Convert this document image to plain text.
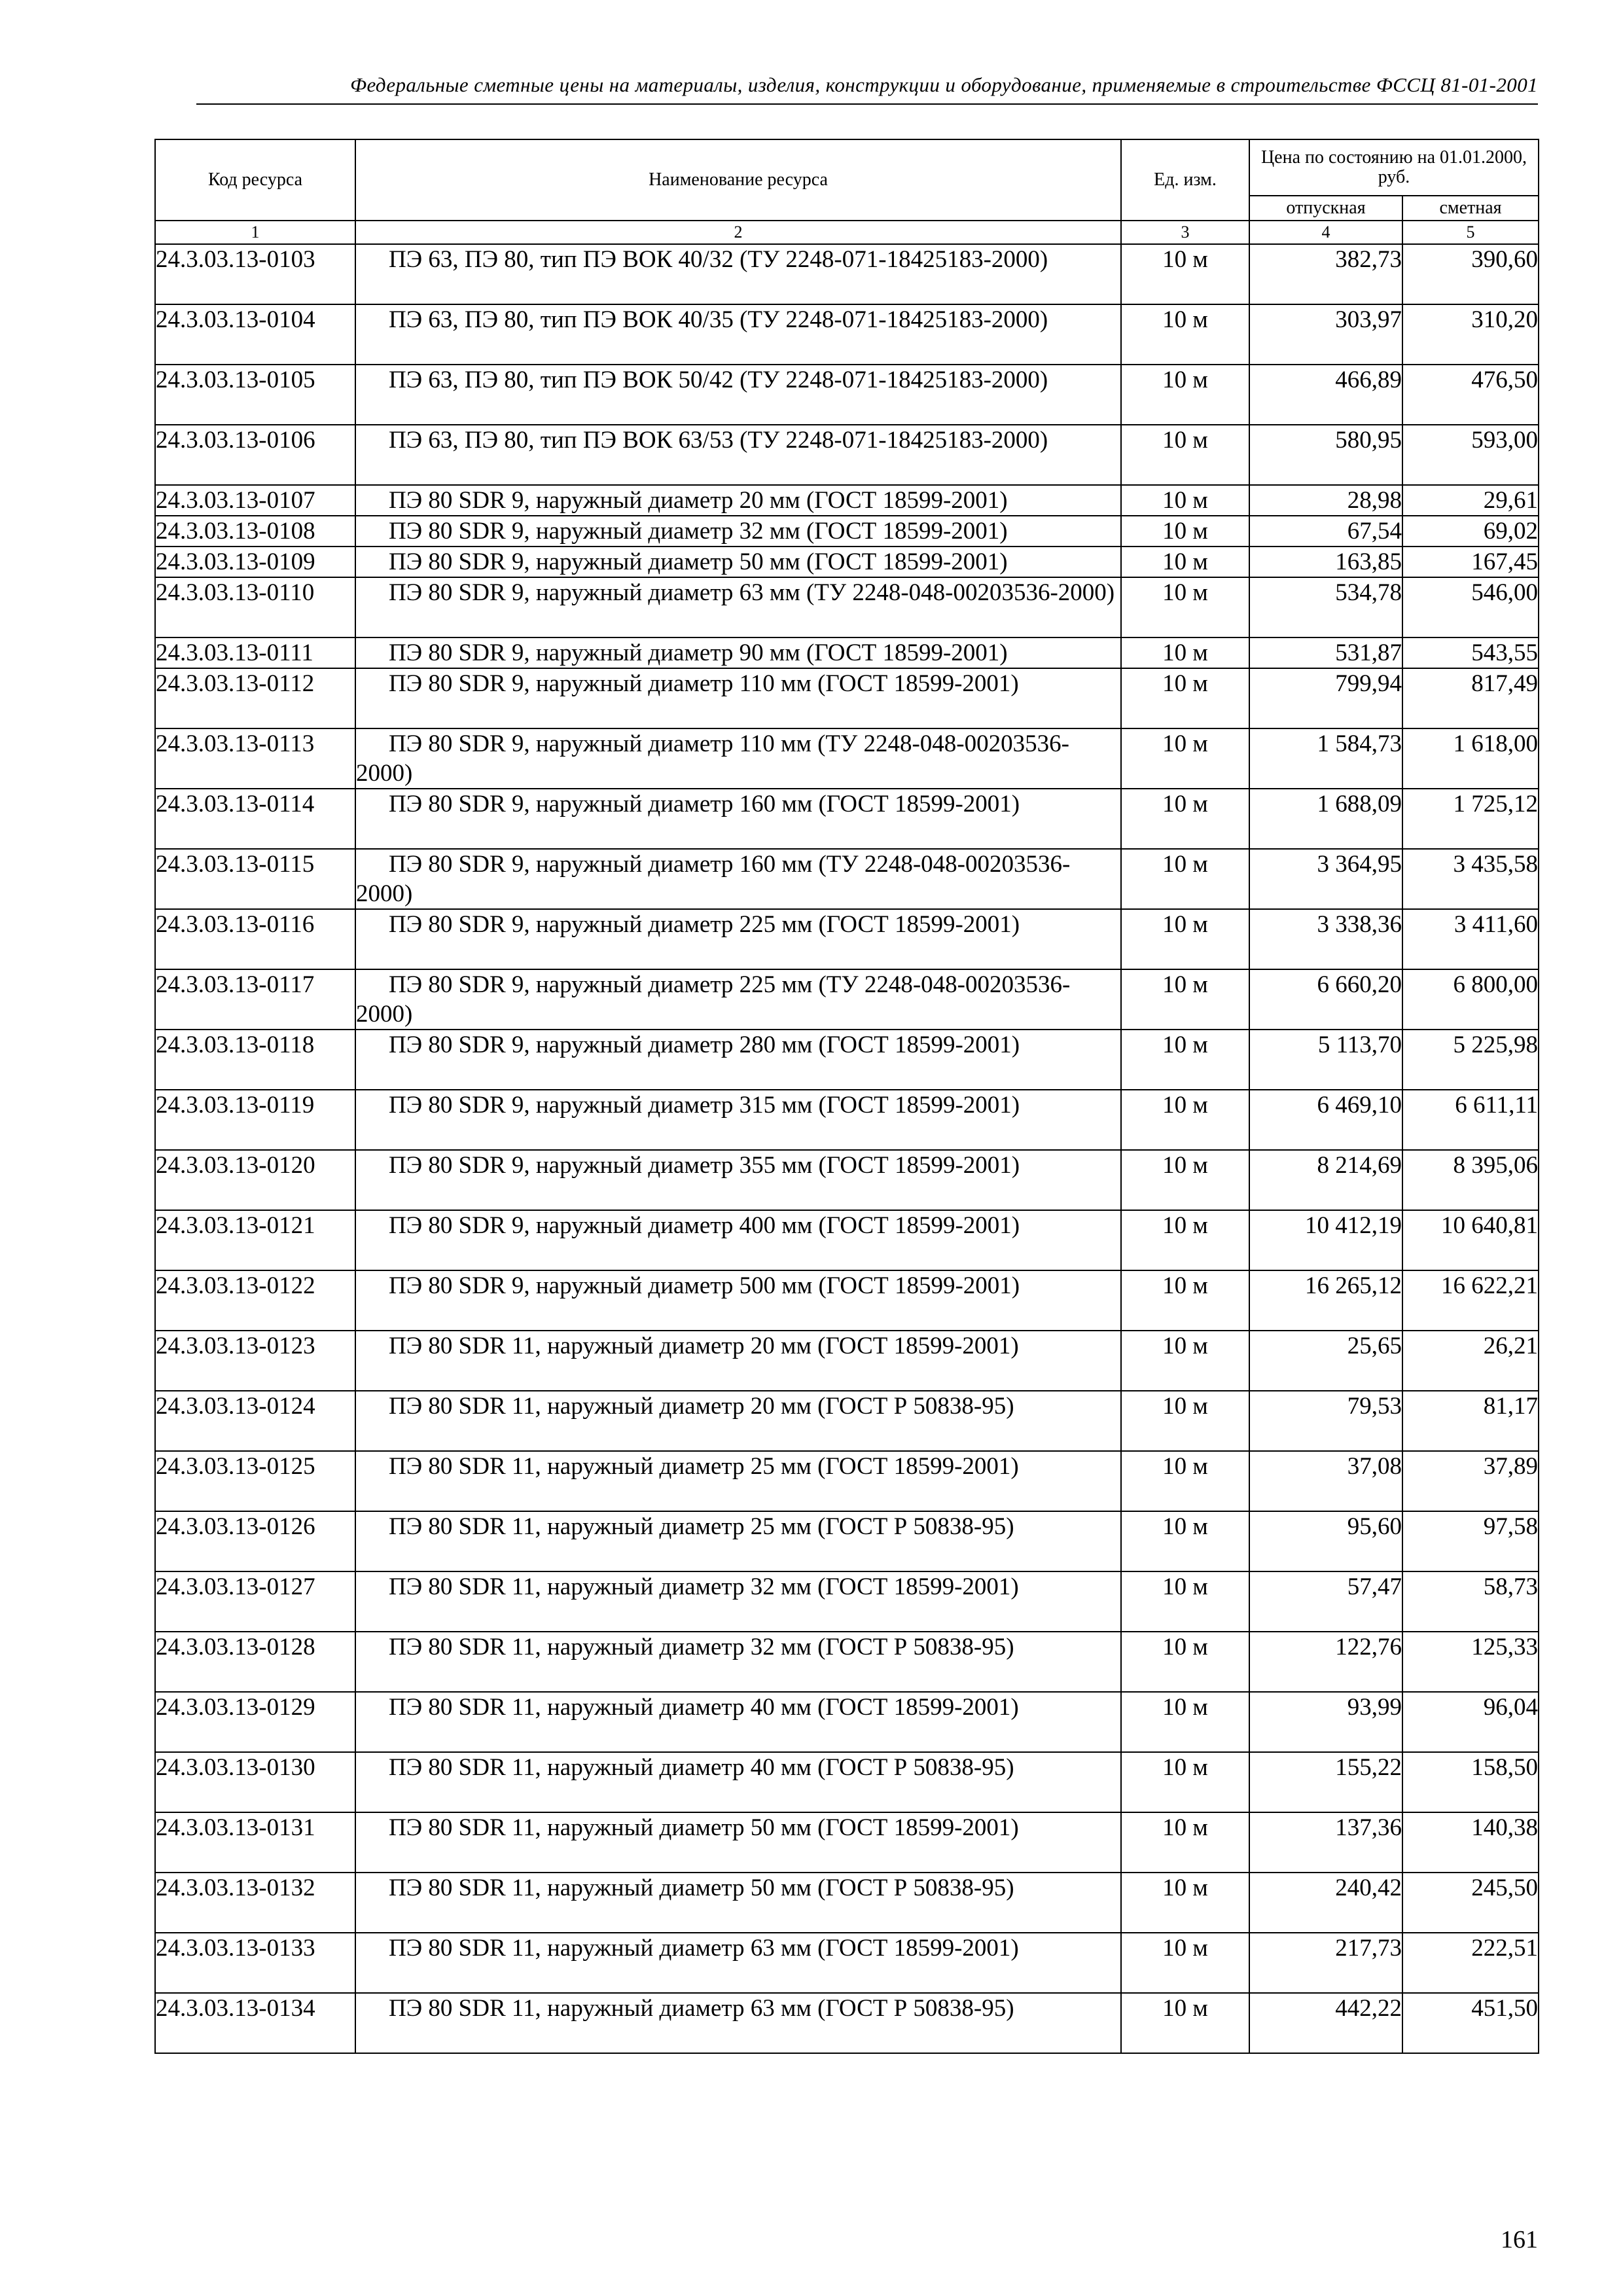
Федеральные сметные цены на материалы, изделия, конструкции и оборудование, применяемые в строительстве ФССЦ 81-01-2001
Код ресурса	Наименование ресурса	Ед. изм.	Цена по состоянию на 01.01.2000, руб.	
			отпускная	сметная
1	2	3	4	5
24.3.03.13-0103	ПЭ 63, ПЭ 80, тип ПЭ ВОК 40/32 (ТУ 2248-071-18425183-2000)	10 м	382,73	390,60
24.3.03.13-0104	ПЭ 63, ПЭ 80, тип ПЭ ВОК 40/35 (ТУ 2248-071-18425183-2000)	10 м	303,97	310,20
24.3.03.13-0105	ПЭ 63, ПЭ 80, тип ПЭ ВОК 50/42 (ТУ 2248-071-18425183-2000)	10 м	466,89	476,50
24.3.03.13-0106	ПЭ 63, ПЭ 80, тип ПЭ ВОК 63/53 (ТУ 2248-071-18425183-2000)	10 м	580,95	593,00
24.3.03.13-0107	ПЭ 80 SDR 9, наружный диаметр 20 мм (ГОСТ 18599-2001)	10 м	28,98	29,61
24.3.03.13-0108	ПЭ 80 SDR 9, наружный диаметр 32 мм (ГОСТ 18599-2001)	10 м	67,54	69,02
24.3.03.13-0109	ПЭ 80 SDR 9, наружный диаметр 50 мм (ГОСТ 18599-2001)	10 м	163,85	167,45
24.3.03.13-0110	ПЭ 80 SDR 9, наружный диаметр 63 мм (ТУ 2248-048-00203536-2000)	10 м	534,78	546,00
24.3.03.13-0111	ПЭ 80 SDR 9, наружный диаметр 90 мм (ГОСТ 18599-2001)	10 м	531,87	543,55
24.3.03.13-0112	ПЭ 80 SDR 9, наружный диаметр 110 мм (ГОСТ 18599-2001)	10 м	799,94	817,49
24.3.03.13-0113	ПЭ 80 SDR 9, наружный диаметр 110 мм (ТУ 2248-048-00203536-2000)	10 м	1 584,73	1 618,00
24.3.03.13-0114	ПЭ 80 SDR 9, наружный диаметр 160 мм (ГОСТ 18599-2001)	10 м	1 688,09	1 725,12
24.3.03.13-0115	ПЭ 80 SDR 9, наружный диаметр 160 мм (ТУ 2248-048-00203536-2000)	10 м	3 364,95	3 435,58
24.3.03.13-0116	ПЭ 80 SDR 9, наружный диаметр 225 мм (ГОСТ 18599-2001)	10 м	3 338,36	3 411,60
24.3.03.13-0117	ПЭ 80 SDR 9, наружный диаметр 225 мм (ТУ 2248-048-00203536-2000)	10 м	6 660,20	6 800,00
24.3.03.13-0118	ПЭ 80 SDR 9, наружный диаметр 280 мм (ГОСТ 18599-2001)	10 м	5 113,70	5 225,98
24.3.03.13-0119	ПЭ 80 SDR 9, наружный диаметр 315 мм (ГОСТ 18599-2001)	10 м	6 469,10	6 611,11
24.3.03.13-0120	ПЭ 80 SDR 9, наружный диаметр 355 мм (ГОСТ 18599-2001)	10 м	8 214,69	8 395,06
24.3.03.13-0121	ПЭ 80 SDR 9, наружный диаметр 400 мм (ГОСТ 18599-2001)	10 м	10 412,19	10 640,81
24.3.03.13-0122	ПЭ 80 SDR 9, наружный диаметр 500 мм (ГОСТ 18599-2001)	10 м	16 265,12	16 622,21
24.3.03.13-0123	ПЭ 80 SDR 11, наружный диаметр 20 мм (ГОСТ 18599-2001)	10 м	25,65	26,21
24.3.03.13-0124	ПЭ 80 SDR 11, наружный диаметр 20 мм (ГОСТ Р 50838-95)	10 м	79,53	81,17
24.3.03.13-0125	ПЭ 80 SDR 11, наружный диаметр 25 мм (ГОСТ 18599-2001)	10 м	37,08	37,89
24.3.03.13-0126	ПЭ 80 SDR 11, наружный диаметр 25 мм (ГОСТ Р 50838-95)	10 м	95,60	97,58
24.3.03.13-0127	ПЭ 80 SDR 11, наружный диаметр 32 мм (ГОСТ 18599-2001)	10 м	57,47	58,73
24.3.03.13-0128	ПЭ 80 SDR 11, наружный диаметр 32 мм (ГОСТ Р 50838-95)	10 м	122,76	125,33
24.3.03.13-0129	ПЭ 80 SDR 11, наружный диаметр 40 мм (ГОСТ 18599-2001)	10 м	93,99	96,04
24.3.03.13-0130	ПЭ 80 SDR 11, наружный диаметр 40 мм (ГОСТ Р 50838-95)	10 м	155,22	158,50
24.3.03.13-0131	ПЭ 80 SDR 11, наружный диаметр 50 мм (ГОСТ 18599-2001)	10 м	137,36	140,38
24.3.03.13-0132	ПЭ 80 SDR 11, наружный диаметр 50 мм (ГОСТ Р 50838-95)	10 м	240,42	245,50
24.3.03.13-0133	ПЭ 80 SDR 11, наружный диаметр 63 мм (ГОСТ 18599-2001)	10 м	217,73	222,51
24.3.03.13-0134	ПЭ 80 SDR 11, наружный диаметр 63 мм (ГОСТ Р 50838-95)	10 м	442,22	451,50
161
